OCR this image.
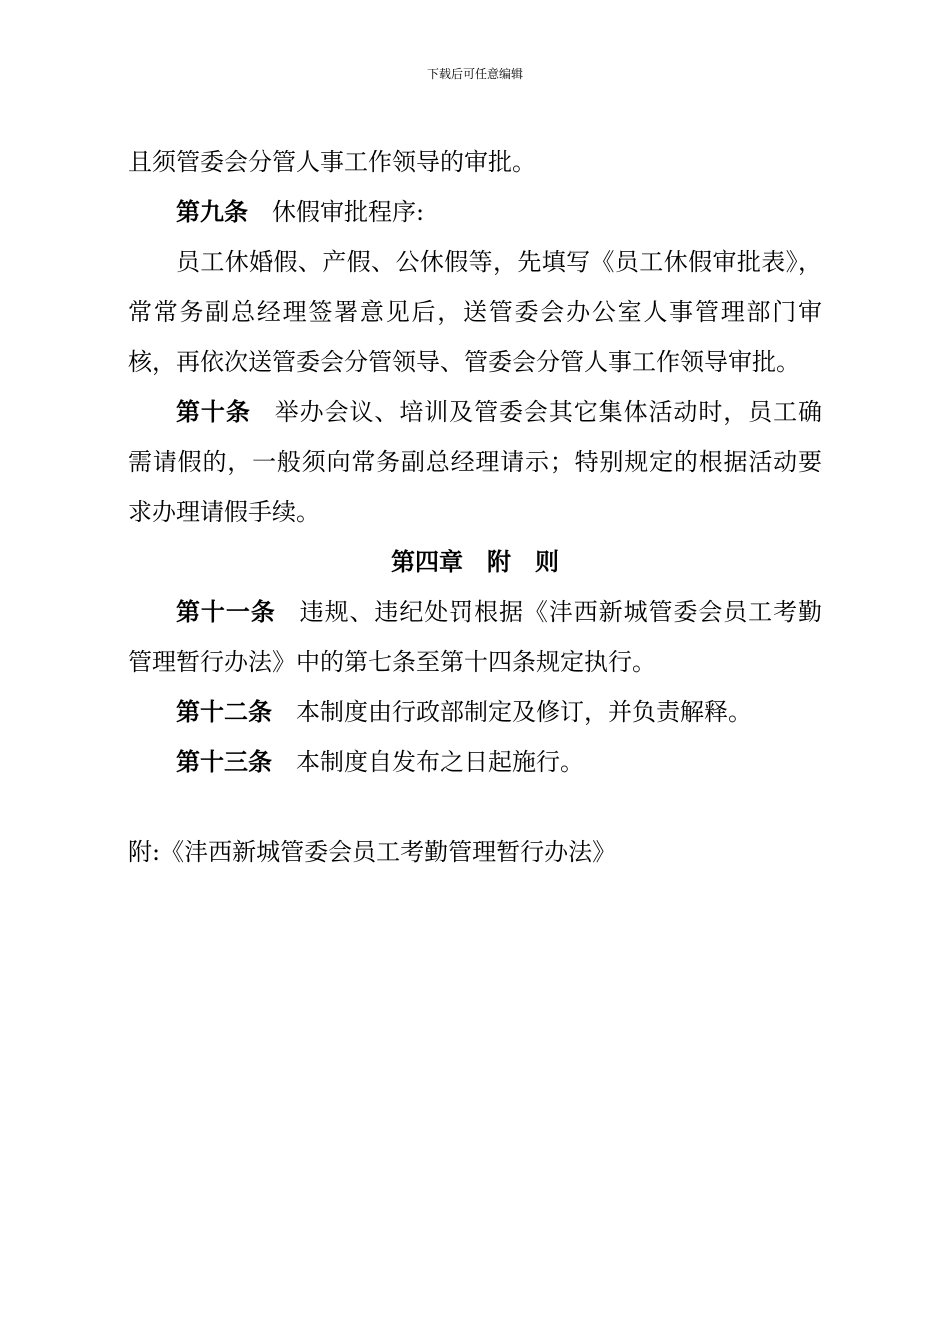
下载后可任意编辑

且须管委会分管人事工作领导的审批。

第九条 休假审批程序:

员工休婚假、产假、公休假等，先填写《员工休假审批表》，常常务副总经理签署意见后，送管委会办公室人事管理部门审核，再依次送管委会分管领导、管委会分管人事工作领导审批。

第十条 举办会议、培训及管委会其它集体活动时，员工确需请假的，一般须向常务副总经理请示；特别规定的根据活动要求办理请假手续。

第四章 附 则

第十一条 违规、违纪处罚根据《沣西新城管委会员工考勤管理暂行办法》中的第七条至第十四条规定执行。

第十二条 本制度由行政部制定及修订，并负责解释。

第十三条 本制度自发布之日起施行。

附:《沣西新城管委会员工考勤管理暂行办法》
